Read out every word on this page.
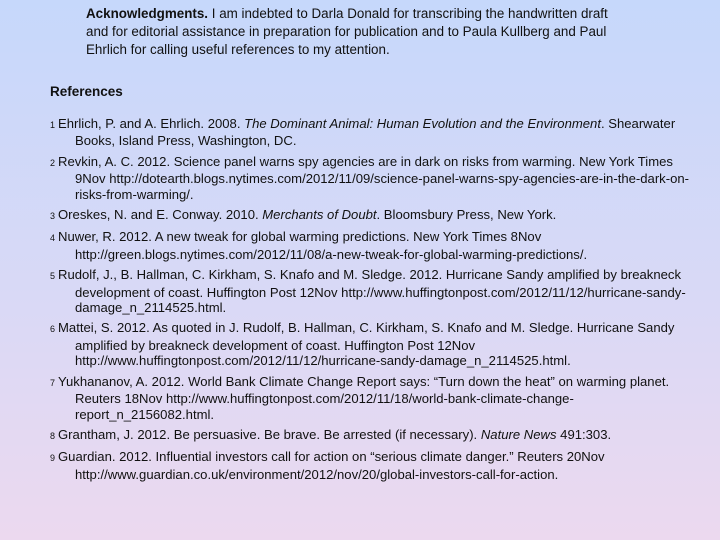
Acknowledgments. I am indebted to Darla Donald for transcribing the handwritten draft and for editorial assistance in preparation for publication and to Paula Kullberg and Paul Ehrlich for calling useful references to my attention.
References
1 Ehrlich, P. and A. Ehrlich. 2008. The Dominant Animal: Human Evolution and the Environment. Shearwater Books, Island Press, Washington, DC.
2 Revkin, A. C. 2012. Science panel warns spy agencies are in dark on risks from warming. New York Times 9Nov http://dotearth.blogs.nytimes.com/2012/11/09/science-panel-warns-spy-agencies-are-in-the-dark-on-risks-from-warming/.
3 Oreskes, N. and E. Conway. 2010. Merchants of Doubt. Bloomsbury Press, New York.
4 Nuwer, R. 2012. A new tweak for global warming predictions. New York Times 8Nov http://green.blogs.nytimes.com/2012/11/08/a-new-tweak-for-global-warming-predictions/.
5 Rudolf, J., B. Hallman, C. Kirkham, S. Knafo and M. Sledge. 2012. Hurricane Sandy amplified by breakneck development of coast. Huffington Post 12Nov http://www.huffingtonpost.com/2012/11/12/hurricane-sandy-damage_n_2114525.html.
6 Mattei, S. 2012. As quoted in J. Rudolf, B. Hallman, C. Kirkham, S. Knafo and M. Sledge. Hurricane Sandy amplified by breakneck development of coast. Huffington Post 12Nov http://www.huffingtonpost.com/2012/11/12/hurricane-sandy-damage_n_2114525.html.
7 Yukhananov, A. 2012. World Bank Climate Change Report says: “Turn down the heat” on warming planet. Reuters 18Nov http://www.huffingtonpost.com/2012/11/18/world-bank-climate-change-report_n_2156082.html.
8 Grantham, J. 2012. Be persuasive. Be brave. Be arrested (if necessary). Nature News 491:303.
9 Guardian. 2012. Influential investors call for action on “serious climate danger.” Reuters 20Nov http://www.guardian.co.uk/environment/2012/nov/20/global-investors-call-for-action.
